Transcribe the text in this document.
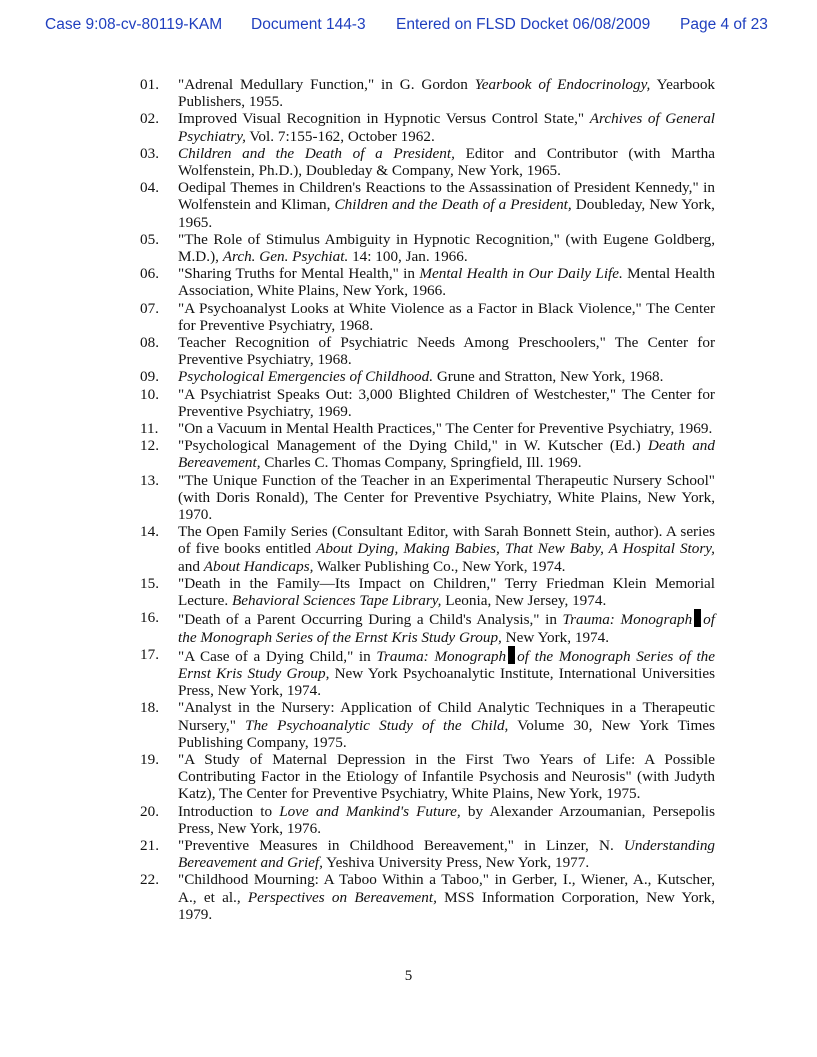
Case 9:08-cv-80119-KAM Document 144-3 Entered on FLSD Docket 06/08/2009 Page 4 of 23
01.	"Adrenal Medullary Function," in G. Gordon Yearbook of Endocrinology, Yearbook Publishers, 1955.
02.	Improved Visual Recognition in Hypnotic Versus Control State," Archives of General Psychiatry, Vol. 7:155-162, October 1962.
03.	Children and the Death of a President, Editor and Contributor (with Martha Wolfenstein, Ph.D.), Doubleday & Company, New York, 1965.
04.	Oedipal Themes in Children's Reactions to the Assassination of President Kennedy," in Wolfenstein and Kliman, Children and the Death of a President, Doubleday, New York, 1965.
05.	"The Role of Stimulus Ambiguity in Hypnotic Recognition," (with Eugene Goldberg, M.D.), Arch. Gen. Psychiat. 14: 100, Jan. 1966.
06.	"Sharing Truths for Mental Health," in Mental Health in Our Daily Life. Mental Health Association, White Plains, New York, 1966.
07.	"A Psychoanalyst Looks at White Violence as a Factor in Black Violence," The Center for Preventive Psychiatry, 1968.
08.	Teacher Recognition of Psychiatric Needs Among Preschoolers," The Center for Preventive Psychiatry, 1968.
09.	Psychological Emergencies of Childhood. Grune and Stratton, New York, 1968.
10.	"A Psychiatrist Speaks Out: 3,000 Blighted Children of Westchester," The Center for Preventive Psychiatry, 1969.
11.	"On a Vacuum in Mental Health Practices," The Center for Preventive Psychiatry, 1969.
12.	"Psychological Management of the Dying Child," in W. Kutscher (Ed.) Death and Bereavement, Charles C. Thomas Company, Springfield, Ill. 1969.
13.	"The Unique Function of the Teacher in an Experimental Therapeutic Nursery School" (with Doris Ronald), The Center for Preventive Psychiatry, White Plains, New York, 1970.
14.	The Open Family Series (Consultant Editor, with Sarah Bonnett Stein, author). A series of five books entitled About Dying, Making Babies, That New Baby, A Hospital Story, and About Handicaps, Walker Publishing Co., New York, 1974.
15.	"Death in the Family—Its Impact on Children," Terry Friedman Klein Memorial Lecture. Behavioral Sciences Tape Library, Leonia, New Jersey, 1974.
16.	"Death of a Parent Occurring During a Child's Analysis," in Trauma: Monograph of the Monograph Series of the Ernst Kris Study Group, New York, 1974.
17.	"A Case of a Dying Child," in Trauma: Monograph of the Monograph Series of the Ernst Kris Study Group, New York Psychoanalytic Institute, International Universities Press, New York, 1974.
18.	"Analyst in the Nursery: Application of Child Analytic Techniques in a Therapeutic Nursery," The Psychoanalytic Study of the Child, Volume 30, New York Times Publishing Company, 1975.
19.	"A Study of Maternal Depression in the First Two Years of Life: A Possible Contributing Factor in the Etiology of Infantile Psychosis and Neurosis" (with Judyth Katz), The Center for Preventive Psychiatry, White Plains, New York, 1975.
20.	Introduction to Love and Mankind's Future, by Alexander Arzoumanian, Persepolis Press, New York, 1976.
21.	"Preventive Measures in Childhood Bereavement," in Linzer, N. Understanding Bereavement and Grief, Yeshiva University Press, New York, 1977.
22.	"Childhood Mourning: A Taboo Within a Taboo," in Gerber, I., Wiener, A., Kutscher, A., et al., Perspectives on Bereavement, MSS Information Corporation, New York, 1979.
5
